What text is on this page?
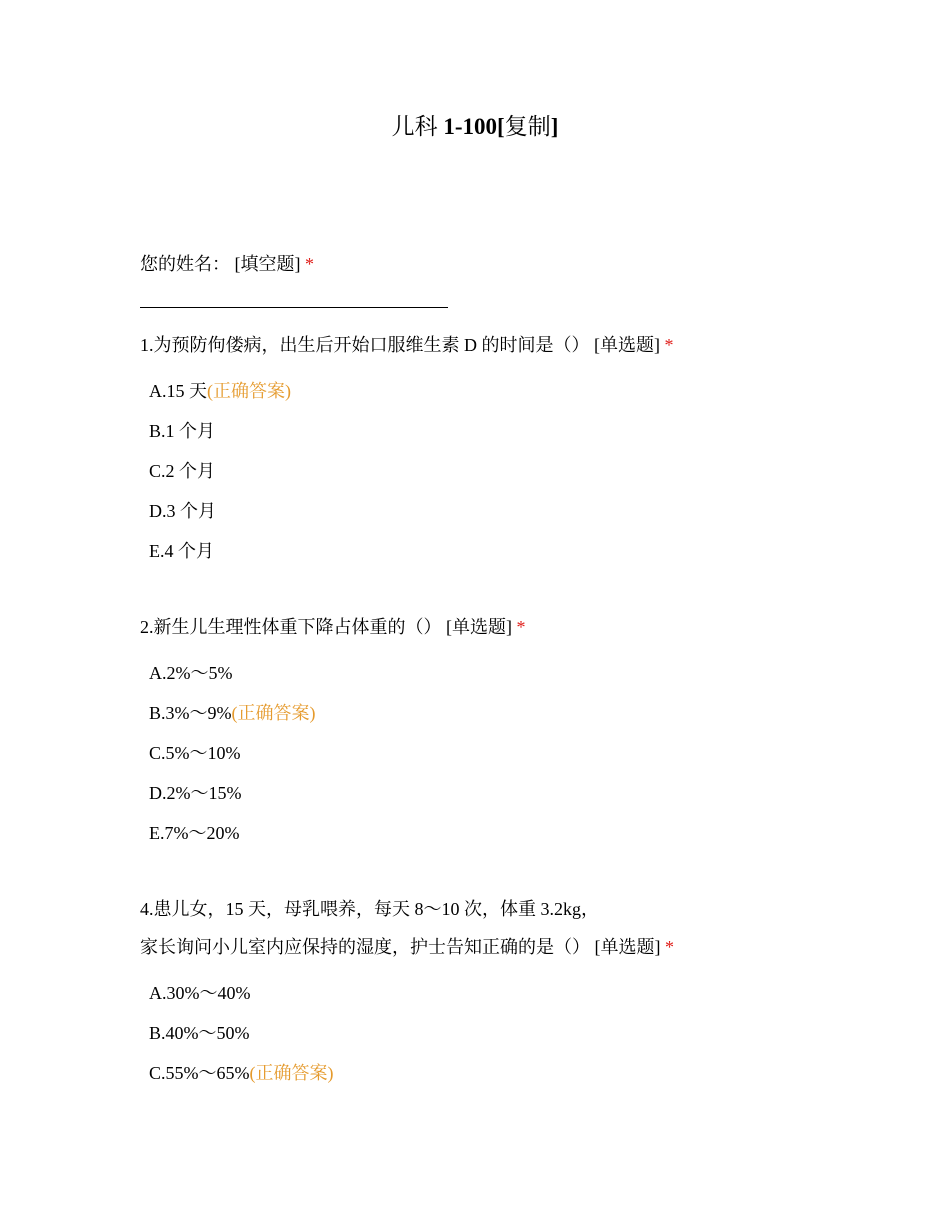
儿科 1-100[复制]
您的姓名： [填空题] *
1.为预防佝偻病，出生后开始口服维生素 D 的时间是（） [单选题] *
A.15 天(正确答案)
B.1 个月
C.2 个月
D.3 个月
E.4 个月
2.新生儿生理性体重下降占体重的（） [单选题] *
A.2%～5%
B.3%～9%(正确答案)
C.5%～10%
D.2%～15%
E.7%～20%
4.患儿女，15 天，母乳喂养，每天 8～10 次，体重 3.2kg，
家长询问小儿室内应保持的湿度，护士告知正确的是（） [单选题] *
A.30%～40%
B.40%～50%
C.55%～65%(正确答案)
